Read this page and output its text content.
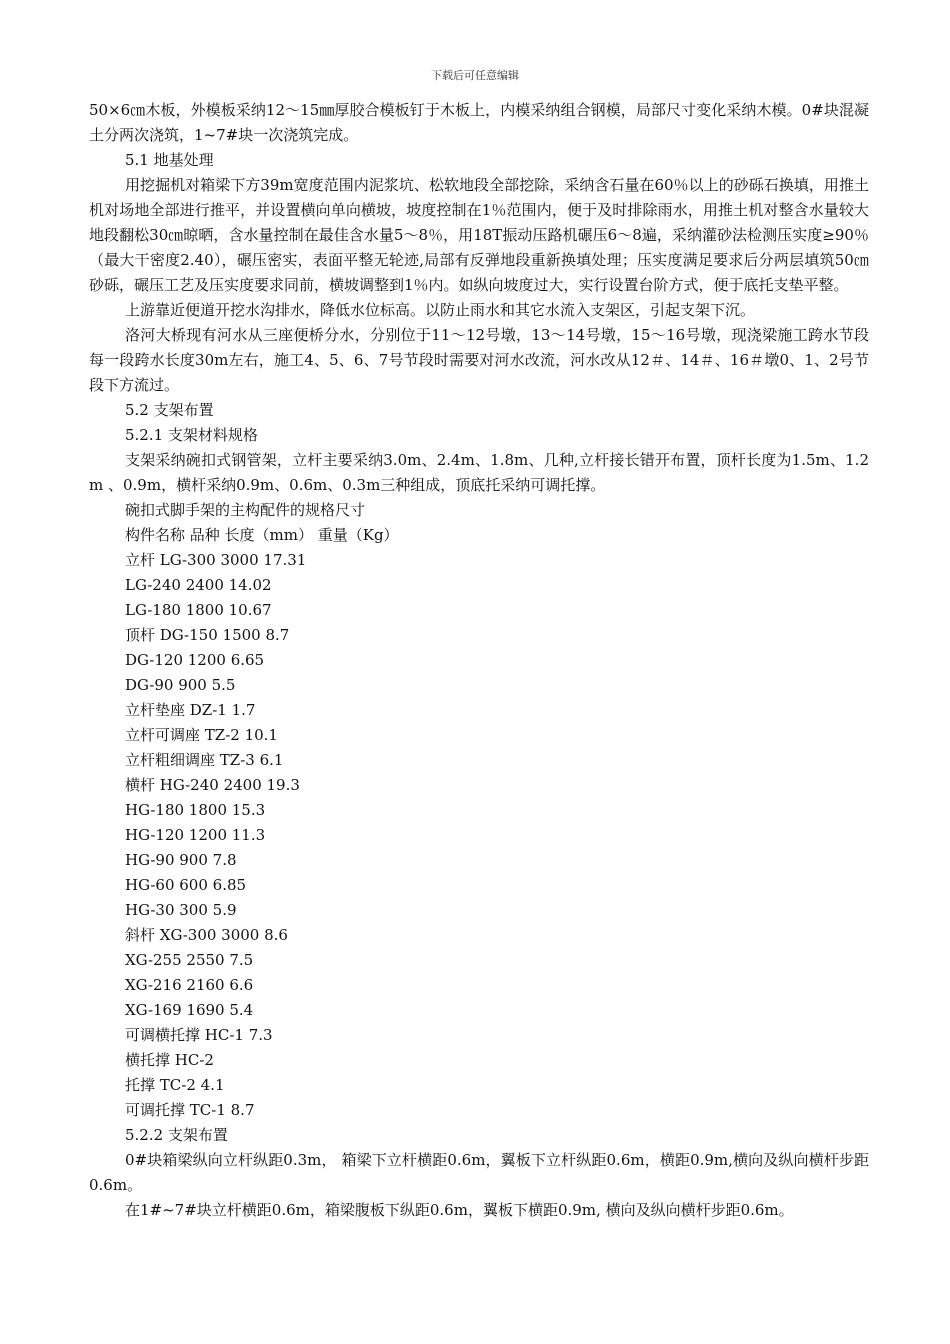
下载后可任意编辑

50×6㎝木板，外模板采纳12～15㎜厚胶合模板钉于木板上，内模采纳组合钢模，局部尺寸变化采纳木模。0#块混凝土分两次浇筑，1~7#块一次浇筑完成。

5.1 地基处理

用挖掘机对箱梁下方39m宽度范围内泥浆坑、松软地段全部挖除，采纳含石量在60％以上的砂砾石换填，用推土机对场地全部进行推平，并设置横向单向横坡，坡度控制在1％范围内，便于及时排除雨水，用推土机对整含水量较大地段翻松30㎝晾晒，含水量控制在最佳含水量5～8％，用18T振动压路机碾压6～8遍，采纳灌砂法检测压实度≥90％（最大干密度2.40），碾压密实，表面平整无轮迹,局部有反弹地段重新换填处理；压实度满足要求后分两层填筑50㎝砂砾，碾压工艺及压实度要求同前，横坡调整到1％内。如纵向坡度过大，实行设置台阶方式，便于底托支垫平整。

上游靠近便道开挖水沟排水，降低水位标高。以防止雨水和其它水流入支架区，引起支架下沉。

洛河大桥现有河水从三座便桥分水，分别位于11～12号墩，13～14号墩，15～16号墩，现浇梁施工跨水节段每一段跨水长度30m左右，施工4、5、6、7号节段时需要对河水改流，河水改从12＃、14＃、16＃墩0、1、2号节段下方流过。

5.2 支架布置

5.2.1 支架材料规格

支架采纳碗扣式钢管架，立杆主要采纳3.0m、2.4m、1.8m、几种,立杆接长错开布置，顶杆长度为1.5m、1.2 m 、0.9m，横杆采纳0.9m、0.6m、0.3m三种组成，顶底托采纳可调托撑。

碗扣式脚手架的主构配件的规格尺寸

构件名称 品种 长度（mm） 重量（Kg）

立杆 LG-300 3000 17.31

LG-240 2400 14.02

LG-180 1800 10.67

顶杆 DG-150 1500 8.7

DG-120 1200 6.65

DG-90 900 5.5

立杆垫座 DZ-1 1.7

立杆可调座 TZ-2 10.1

立杆粗细调座 TZ-3 6.1

横杆 HG-240 2400 19.3

HG-180 1800 15.3

HG-120 1200 11.3

HG-90 900 7.8

HG-60 600 6.85

HG-30 300 5.9

斜杆 XG-300 3000 8.6

XG-255 2550 7.5

XG-216 2160 6.6

XG-169 1690 5.4

可调横托撑 HC-1 7.3

横托撑 HC-2

托撑 TC-2 4.1

可调托撑 TC-1 8.7

5.2.2 支架布置

0#块箱梁纵向立杆纵距0.3m， 箱梁下立杆横距0.6m，翼板下立杆纵距0.6m，横距0.9m,横向及纵向横杆步距0.6m。

在1#~7#块立杆横距0.6m，箱梁腹板下纵距0.6m，翼板下横距0.9m, 横向及纵向横杆步距0.6m。
